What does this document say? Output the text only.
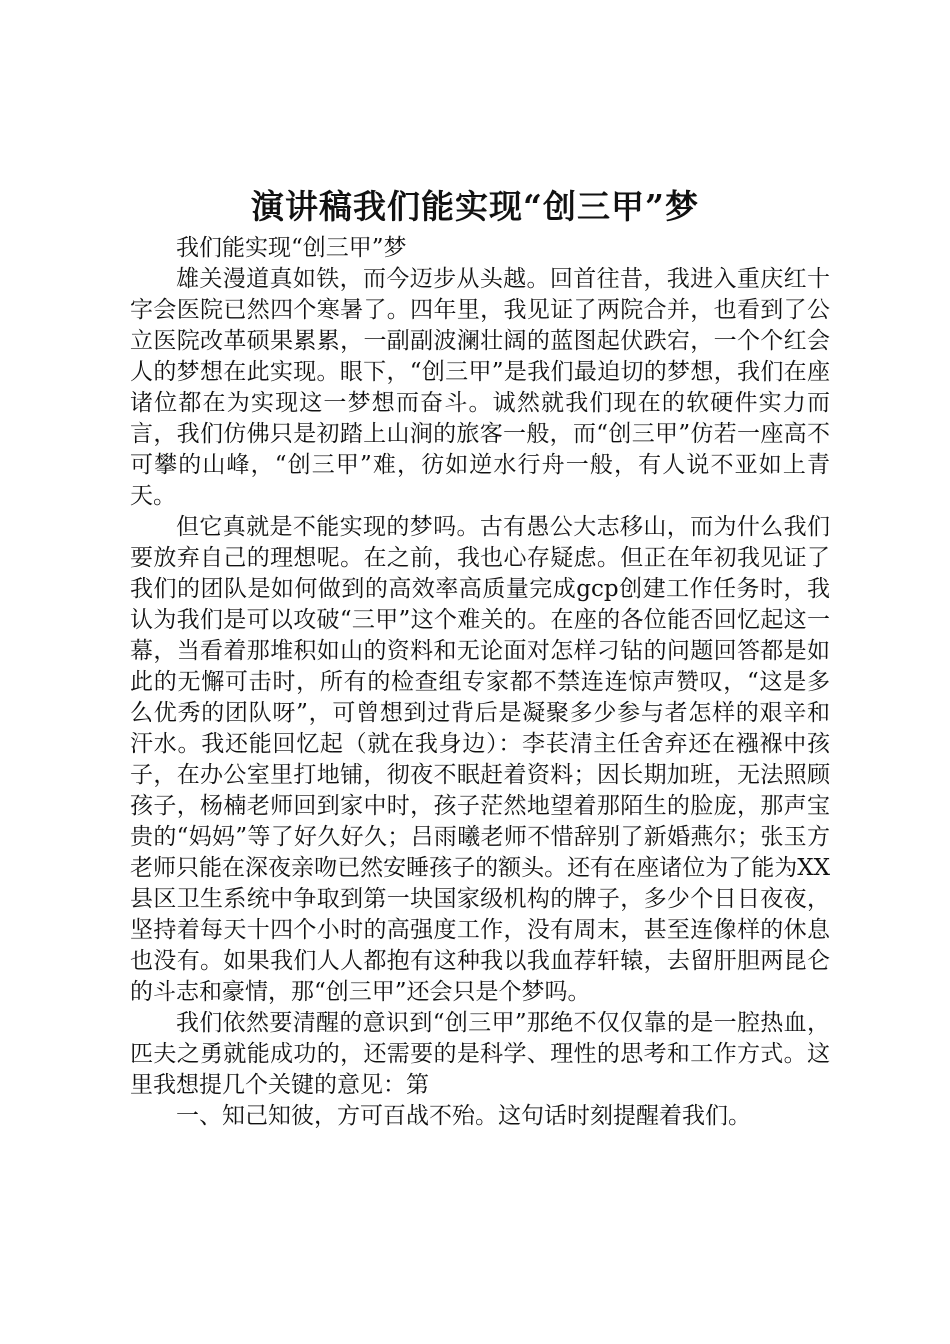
演讲稿我们能实现“创三甲”梦

我们能实现“创三甲”梦

雄关漫道真如铁，而今迈步从头越。回首往昔，我进入重庆红十字会医院已然四个寒暑了。四年里，我见证了两院合并，也看到了公立医院改革硕果累累，一副副波澜壮阔的蓝图起伏跌宕，一个个红会人的梦想在此实现。眼下，“创三甲”是我们最迫切的梦想，我们在座诸位都在为实现这一梦想而奋斗。诚然就我们现在的软硬件实力而言，我们仿佛只是初踏上山涧的旅客一般，而“创三甲”仿若一座高不可攀的山峰，“创三甲”难，彷如逆水行舟一般，有人说不亚如上青天。

但它真就是不能实现的梦吗。古有愚公大志移山，而为什么我们要放弃自己的理想呢。在之前，我也心存疑虑。但正在年初我见证了我们的团队是如何做到的高效率高质量完成gcp创建工作任务时，我认为我们是可以攻破“三甲”这个难关的。在座的各位能否回忆起这一幕，当看着那堆积如山的资料和无论面对怎样刁钻的问题回答都是如此的无懈可击时，所有的检查组专家都不禁连连惊声赞叹，“这是多么优秀的团队呀”，可曾想到过背后是凝聚多少参与者怎样的艰辛和汗水。我还能回忆起（就在我身边）：李苌清主任舍弃还在襁褓中孩子，在办公室里打地铺，彻夜不眠赶着资料；因长期加班，无法照顾孩子，杨楠老师回到家中时，孩子茫然地望着那陌生的脸庞，那声宝贵的“妈妈”等了好久好久；吕雨曦老师不惜辞别了新婚燕尔；张玉方老师只能在深夜亲吻已然安睡孩子的额头。还有在座诸位为了能为XX县区卫生系统中争取到第一块国家级机构的牌子，多少个日日夜夜，坚持着每天十四个小时的高强度工作，没有周末，甚至连像样的休息也没有。如果我们人人都抱有这种我以我血荐轩辕，去留肝胆两昆仑的斗志和豪情，那“创三甲”还会只是个梦吗。

我们依然要清醒的意识到“创三甲”那绝不仅仅靠的是一腔热血，匹夫之勇就能成功的，还需要的是科学、理性的思考和工作方式。这里我想提几个关键的意见：第

一、知己知彼，方可百战不殆。这句话时刻提醒着我们。
